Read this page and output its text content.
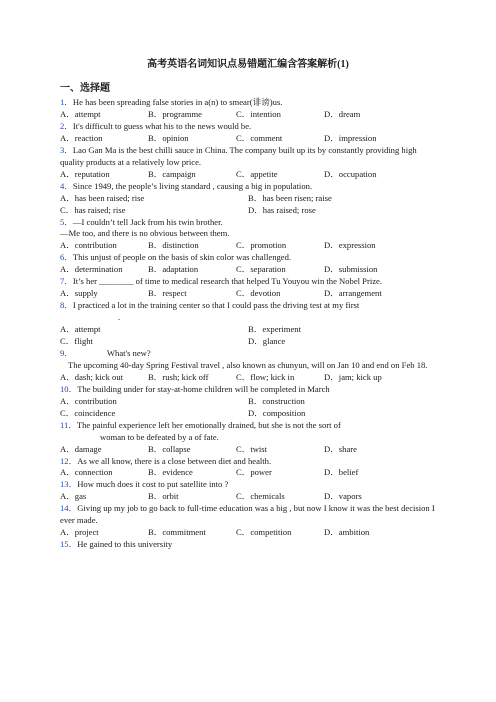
高考英语名词知识点易错题汇编含答案解析(1)
一、选择题
1．He has been spreading false stories in a(n) to smear(诽谤)us.
A．attempt	B．programme	C．intention	D．dream
2．It's difficult to guess what his to the news would be.
A．reaction	B．opinion	C．comment	D．impression
3．Lao Gan Ma is the best chilli sauce in China. The company built up its by constantly providing high quality products at a relatively low price.
A．reputation	B．campaign	C．appetite	D．occupation
4．Since 1949, the people’s living standard , causing a big in population.
A．has been raised; rise	B．has been risen; raise
C．has raised; rise	D．has raised; rose
5．—I couldn’t tell Jack from his twin brother.
—Me too, and there is no obvious between them.
A．contribution	B．distinction	C．promotion	D．expression
6．This unjust of people on the basis of skin color was challenged.
A．determination	B．adaptation	C．separation	D．submission
7．It’s her ________ of time to medical research that helped Tu Youyou win the Nobel Prize.
A．supply	B．respect	C．devotion	D．arrangement
8．I practiced a lot in the training center so that I could pass the driving test at my first
.
A．attempt	B．experiment
C．flight	D．glance
9．	What's new?
The upcoming 40-day Spring Festival travel , also known as chunyun, will on Jan 10 and end on Feb 18.
A．dash; kick out	B．rush; kick off	C．flow; kick in	D．jam; kick up
10．The building under for stay-at-home children will be completed in March
A．contribution	B．construction
C．coincidence	D．composition
11．The painful experience left her emotionally drained, but she is not the sort of
woman to be defeated by a of fate.
A．damage	B．collapse	C．twist	D．share
12．As we all know, there is a close between diet and health.
A．connection	B．evidence	C．power	D．belief
13．How much does it cost to put satellite into ?
A．gas	B．orbit	C．chemicals	D．vapors
14．Giving up my job to go back to full-time education was a big , but now I know it was the best decision I ever made.
A．project	B．commitment	C．competition	D．ambition
15．He gained to this university
